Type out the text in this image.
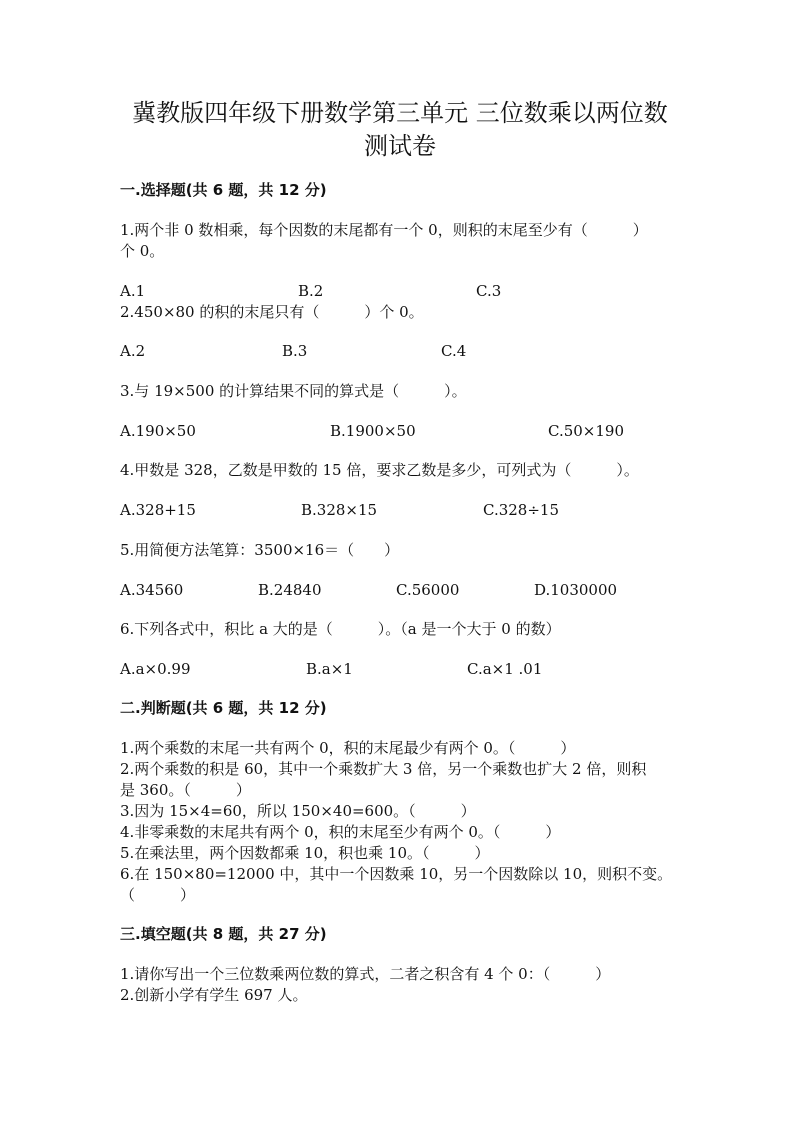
冀教版四年级下册数学第三单元 三位数乘以两位数
测试卷
一.选择题(共 6 题，共 12 分)
1.两个非 0 数相乘，每个因数的末尾都有一个 0，则积的末尾至少有（　　　）
个 0。
A.1	B.2	C.3
2.450×80 的积的末尾只有（　　　）个 0。
A.2	B.3	C.4
3.与 19×500 的计算结果不同的算式是（　　　）。
A.190×50	B.1900×50	C.50×190
4.甲数是 328，乙数是甲数的 15 倍，要求乙数是多少，可列式为（　　　）。
A.328+15	B.328×15	C.328÷15
5.用简便方法笔算：3500×16＝（　　）
A.34560	B.24840	C.56000	D.1030000
6.下列各式中，积比 a 大的是（　　　）。（a 是一个大于 0 的数）
A.a×0.99	B.a×1	C.a×1 .01
二.判断题(共 6 题，共 12 分)
1.两个乘数的末尾一共有两个 0，积的末尾最少有两个 0。（　　　）
2.两个乘数的积是 60，其中一个乘数扩大 3 倍，另一个乘数也扩大 2 倍，则积
是 360。（　　　）
3.因为 15×4=60，所以 150×40=600。（　　　）
4.非零乘数的末尾共有两个 0，积的末尾至少有两个 0。（　　　）
5.在乘法里，两个因数都乘 10，积也乘 10。（　　　）
6.在 150×80=12000 中，其中一个因数乘 10，另一个因数除以 10，则积不变。
（　　　）
三.填空题(共 8 题，共 27 分)
1.请你写出一个三位数乘两位数的算式，二者之积含有 4 个 0：（　　　）
2.创新小学有学生 697 人。
